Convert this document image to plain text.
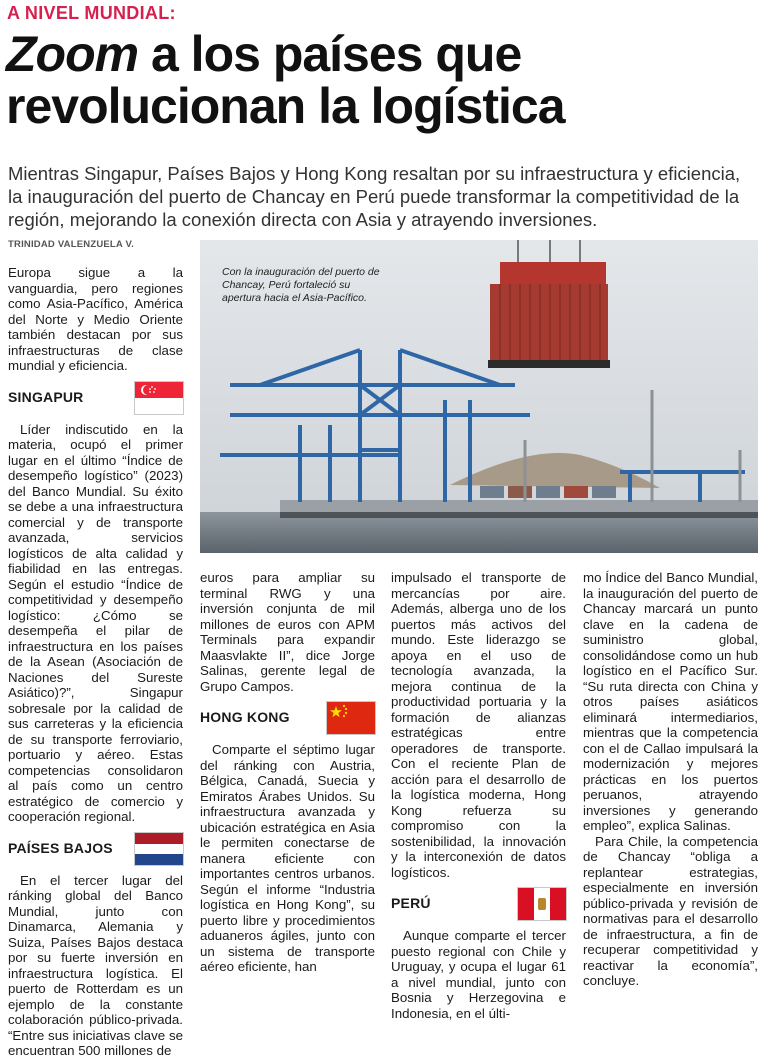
A NIVEL MUNDIAL:
Zoom a los países que
revolucionan la logística

Mientras Singapur, Países Bajos y Hong Kong resaltan por su infraestructura y eficiencia, la inauguración del puerto de Chancay en Perú puede transformar la competitividad de la región, mejorando la conexión directa con Asia y atrayendo inversiones.

TRINIDAD VALENZUELA V.
Con la inauguración del puerto de Chancay, Perú fortaleció su apertura hacia el Asia-Pacífico.

Europa sigue a la vanguardia, pero regiones como Asia-Pacífico, América del Norte y Medio Oriente también destacan por sus infraestructuras de clase mundial y eficiencia.

SINGAPUR

Líder indiscutido en la materia, ocupó el primer lugar en el último “Índice de desempeño logístico” (2023) del Banco Mundial. Su éxito se debe a una infraestructura comercial y de transporte avanzada, servicios logísticos de alta calidad y fiabilidad en las entregas. Según el estudio “Índice de competitividad y desempeño logístico: ¿Cómo se desempeña el pilar de infraestructura en los países de la Asean (Asociación de Naciones del Sureste Asiático)?”, Singapur sobresale por la calidad de sus carreteras y la eficiencia de su transporte ferroviario, portuario y aéreo. Estas competencias consolidaron al país como un centro estratégico de comercio y cooperación regional.

PAÍSES BAJOS

En el tercer lugar del ránking global del Banco Mundial, junto con Dinamarca, Alemania y Suiza, Países Bajos destaca por su fuerte inversión en infraestructura logística. El puerto de Rotterdam es un ejemplo de la constante colaboración público-privada. “Entre sus iniciativas clave se encuentran 500 millones de

euros para ampliar su terminal RWG y una inversión conjunta de mil millones de euros con APM Terminals para expandir Maasvlakte II”, dice Jorge Salinas, gerente legal de Grupo Campos.

HONG KONG

Comparte el séptimo lugar del ránking con Austria, Bélgica, Canadá, Suecia y Emiratos Árabes Unidos. Su infraestructura avanzada y ubicación estratégica en Asia le permiten conectarse de manera eficiente con importantes centros urbanos. Según el informe “Industria logística en Hong Kong”, su puerto libre y procedimientos aduaneros ágiles, junto con un sistema de transporte aéreo eficiente, han

impulsado el transporte de mercancías por aire. Además, alberga uno de los puertos más activos del mundo. Este liderazgo se apoya en el uso de tecnología avanzada, la mejora continua de la productividad portuaria y la formación de alianzas estratégicas entre operadores de transporte. Con el reciente Plan de acción para el desarrollo de la logística moderna, Hong Kong refuerza su compromiso con la sostenibilidad, la innovación y la interconexión de datos logísticos.

PERÚ

Aunque comparte el tercer puesto regional con Chile y Uruguay, y ocupa el lugar 61 a nivel mundial, junto con Bosnia y Herzegovina e Indonesia, en el últi-

mo Índice del Banco Mundial, la inauguración del puerto de Chancay marcará un punto clave en la cadena de suministro global, consolidándose como un hub logístico en el Pacífico Sur. “Su ruta directa con China y otros países asiáticos eliminará intermediarios, mientras que la competencia con el de Callao impulsará la modernización y mejores prácticas en los puertos peruanos, atrayendo inversiones y generando empleo”, explica Salinas.

Para Chile, la competencia de Chancay “obliga a replantear estrategias, especialmente en inversión público-privada y revisión de normativas para el desarrollo de infraestructura, a fin de recuperar competitividad y reactivar la economía”, concluye.
